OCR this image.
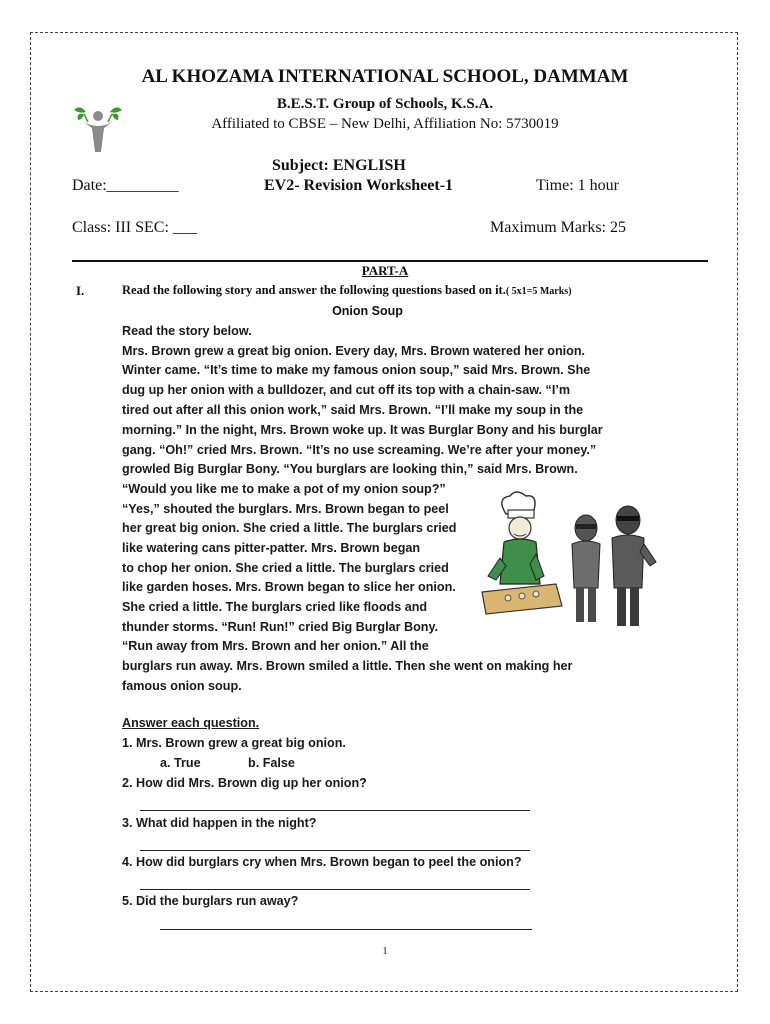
AL KHOZAMA INTERNATIONAL SCHOOL, DAMMAM
B.E.S.T. Group of Schools, K.S.A.
Affiliated to CBSE – New Delhi, Affiliation No: 5730019
Subject: ENGLISH
Date:_________	EV2- Revision Worksheet-1	Time: 1 hour
Class: III SEC: ___	Maximum Marks: 25
PART-A
I.	Read the following story and answer the following questions based on it.( 5x1=5 Marks)
Onion Soup
Read the story below.
Mrs. Brown grew a great big onion. Every day, Mrs. Brown watered her onion.
Winter came. “It’s time to make my famous onion soup,” said Mrs. Brown. She
dug up her onion with a bulldozer, and cut off its top with a chain-saw. “I’m
tired out after all this onion work,” said Mrs. Brown. “I’ll make my soup in the
morning.” In the night, Mrs. Brown woke up. It was Burglar Bony and his burglar
gang. “Oh!” cried Mrs. Brown. “It’s no use screaming. We’re after your money.”
growled Big Burglar Bony. “You burglars are looking thin,” said Mrs. Brown.
“Would you like me to make a pot of my onion soup?”
“Yes,” shouted the burglars. Mrs. Brown began to peel
her great big onion. She cried a little. The burglars cried
like watering cans pitter-patter. Mrs. Brown began
to chop her onion. She cried a little. The burglars cried
like garden hoses. Mrs. Brown began to slice her onion.
She cried a little. The burglars cried like floods and
thunder storms. “Run! Run!” cried Big Burglar Bony.
“Run away from Mrs. Brown and her onion.” All the
burglars run away. Mrs. Brown smiled a little. Then she went on making her
famous onion soup.
Answer each question.
1. Mrs. Brown grew a great big onion.
a. True	b. False
2. How did Mrs. Brown dig up her onion?
3. What did happen in the night?
4. How did burglars cry when Mrs. Brown began to peel the onion?
5. Did the burglars run away?
1
